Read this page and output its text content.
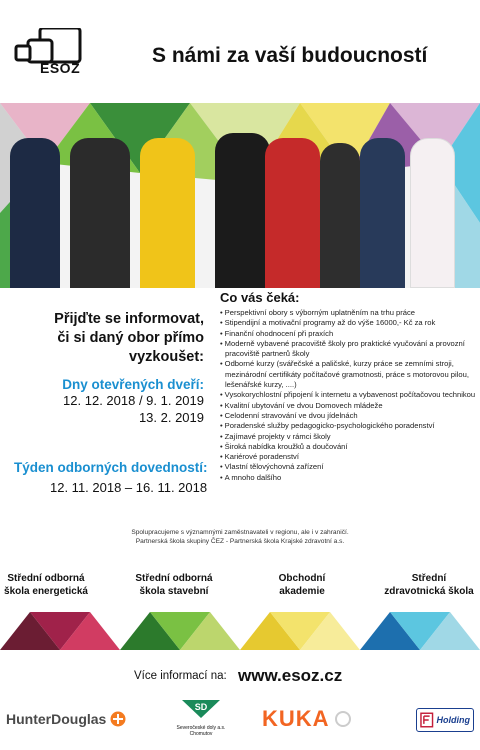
ESOZ
S námi za vaší budoucností
Přijďte se informovat,
či si daný obor přímo
vyzkoušet:
Dny otevřených dveří:
12. 12. 2018 / 9. 1. 2019
13. 2. 2019
Týden odborných dovedností:
12. 11. 2018 – 16. 11. 2018
Co vás čeká:
• Perspektivní obory s výborným uplatněním na trhu práce
• Stipendijní a motivační programy až do výše 16000,- Kč za rok
• Finanční ohodnocení při praxích
• Moderně vybavené pracoviště školy pro praktické vyučování a provozní pracoviště partnerů školy
• Odborné kurzy (svářečské a paličské, kurzy práce se zemními stroji, mezinárodní certifikáty počítačové gramotnosti, práce s motorovou pilou, lešenářské kurzy, ....)
• Vysokorychlostní připojení k internetu a vybavenost počítačovou technikou
• Kvalitní ubytování ve dvou Domovech mládeže
• Celodenní stravování ve dvou jídelnách
• Poradenské služby pedagogicko-psychologického poradenství
• Zajímavé projekty v rámci školy
• Široká nabídka kroužků a doučování
• Kariérové poradenství
• Vlastní tělovýchovná zařízení
• A mnoho dalšího
Spolupracujeme s významnými zaměstnavateli v regionu, ale i v zahraničí.
Partnerská škola skupiny ČEZ - Partnerská škola Krajské zdravotní a.s.
Střední odborná
škola energetická
Střední odborná
škola stavební
Obchodní
akademie
Střední
zdravotnická škola
Více informací na: www.esoz.cz
HunterDouglas
SD
Severočeské doly a.s.
Chomutov
KUKA	Holding
